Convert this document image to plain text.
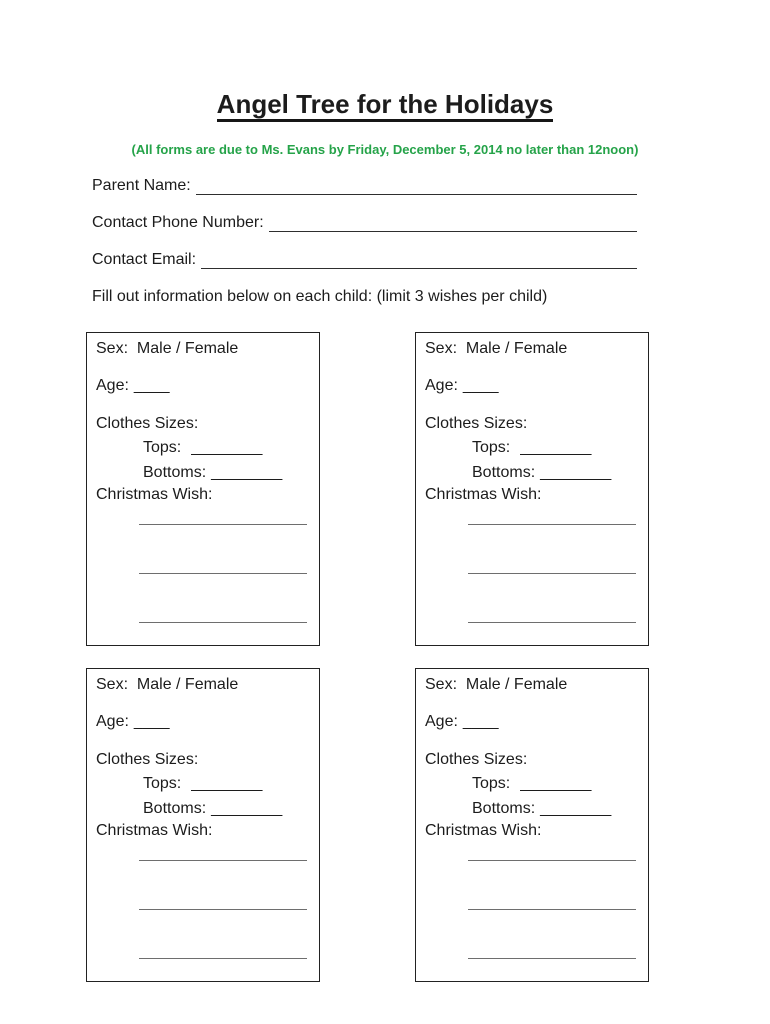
Angel Tree for the Holidays

(All forms are due to Ms. Evans by Friday, December 5, 2014 no later than 12noon)

Parent Name:
Contact Phone Number:
Contact Email:

Fill out information below on each child: (limit 3 wishes per child)

Sex:  Male / Female
Age: ____
Clothes Sizes:
Tops: ________
Bottoms: ________
Christmas Wish:
Sex:  Male / Female
Age: ____
Clothes Sizes:
Tops: ________
Bottoms: ________
Christmas Wish:
Sex:  Male / Female
Age: ____
Clothes Sizes:
Tops: ________
Bottoms: ________
Christmas Wish:
Sex:  Male / Female
Age: ____
Clothes Sizes:
Tops: ________
Bottoms: ________
Christmas Wish:
